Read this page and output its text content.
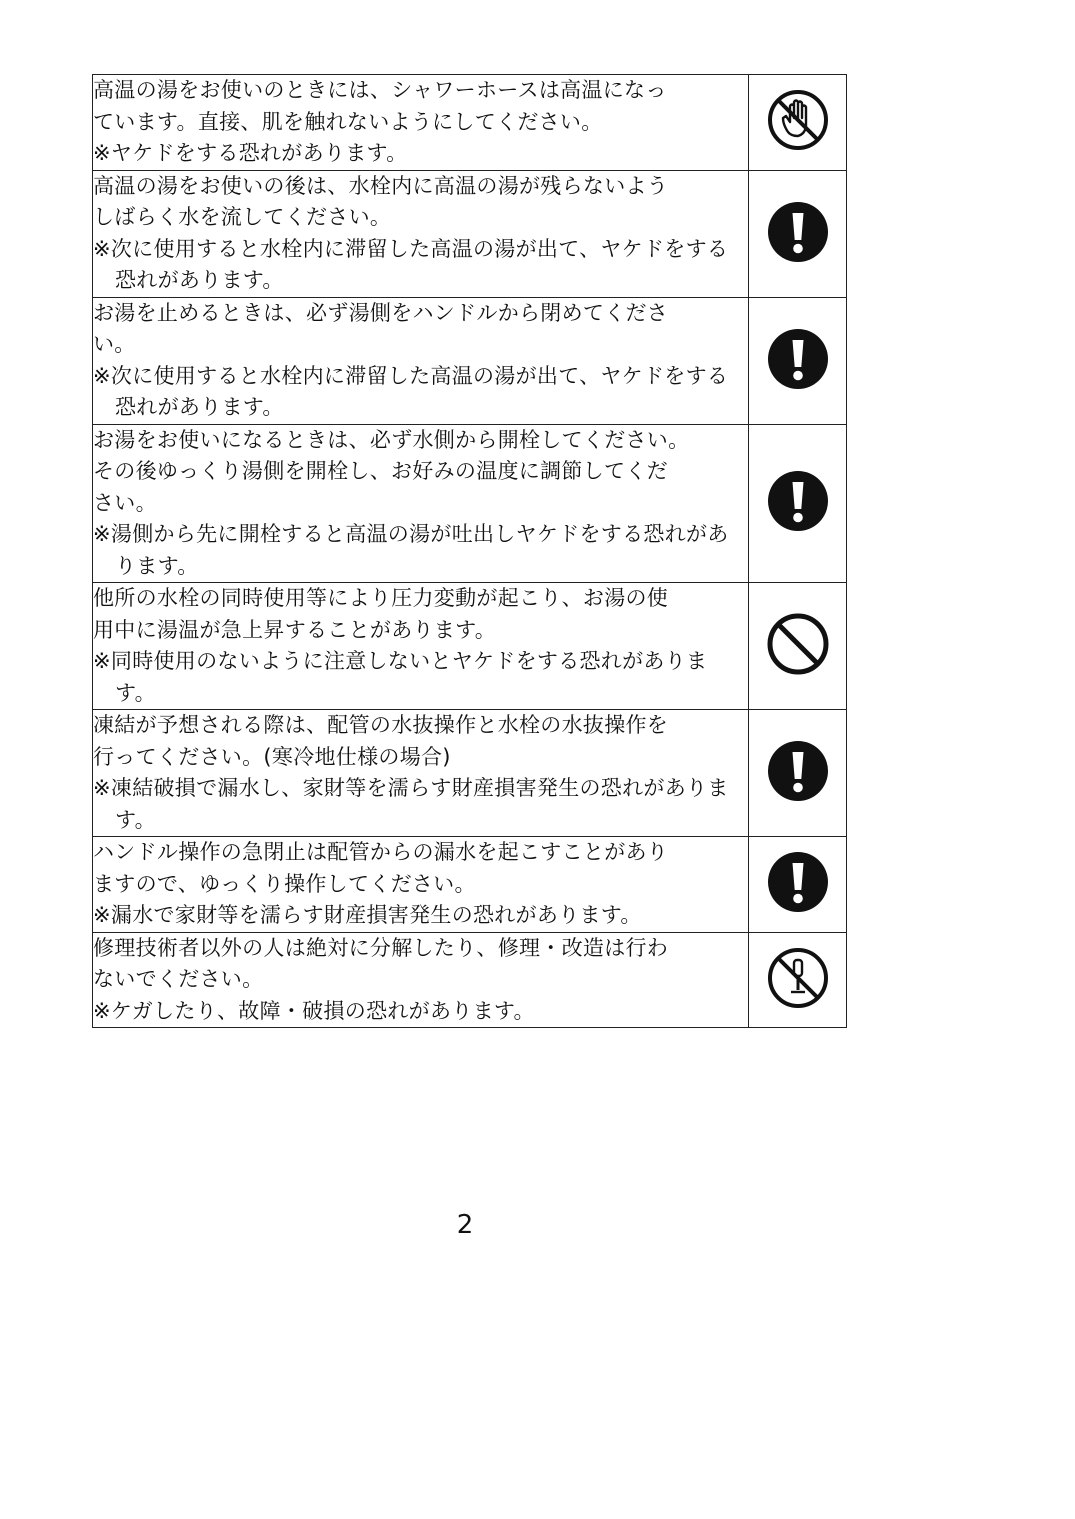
高温の湯をお使いのときには、シャワーホースは高温になっ
ています。直接、肌を触れないようにしてください。
※ヤケドをする恐れがあります。

高温の湯をお使いの後は、水栓内に高温の湯が残らないよう
しばらく水を流してください。
※次に使用すると水栓内に滞留した高温の湯が出て、ヤケドをする恐れがあります。

お湯を止めるときは、必ず湯側をハンドルから閉めてくださ
い。
※次に使用すると水栓内に滞留した高温の湯が出て、ヤケドをする恐れがあります。

お湯をお使いになるときは、必ず水側から開栓してください。
その後ゆっくり湯側を開栓し、お好みの温度に調節してくだ
さい。
※湯側から先に開栓すると高温の湯が吐出しヤケドをする恐れがあります。

他所の水栓の同時使用等により圧力変動が起こり、お湯の使
用中に湯温が急上昇することがあります。
※同時使用のないように注意しないとヤケドをする恐れがあります。

凍結が予想される際は、配管の水抜操作と水栓の水抜操作を
行ってください。(寒冷地仕様の場合)
※凍結破損で漏水し、家財等を濡らす財産損害発生の恐れがあります。

ハンドル操作の急閉止は配管からの漏水を起こすことがあり
ますので、ゆっくり操作してください。
※漏水で家財等を濡らす財産損害発生の恐れがあります。

修理技術者以外の人は絶対に分解したり、修理・改造は行わ
ないでください。
※ケガしたり、故障・破損の恐れがあります。

2
